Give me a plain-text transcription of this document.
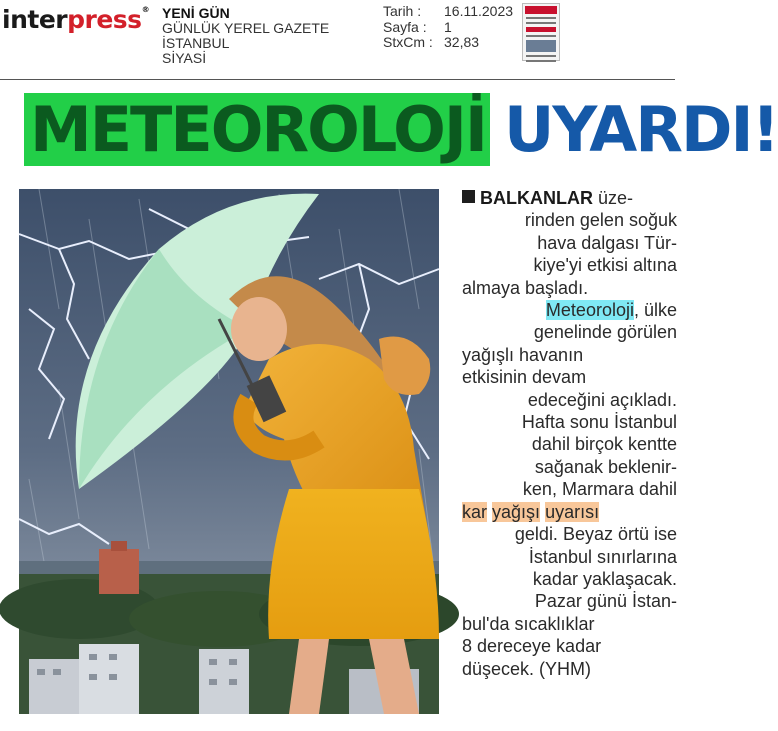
interpress® YENİ GÜN
GÜNLÜK YEREL GAZETE
İSTANBUL
SİYASİ
Tarih :	16.11.2023
Sayfa :	1
StxCm : 32,83
METEOROLOJİ UYARDI!
BALKANLAR üze-
rinden gelen soğuk
hava dalgası Tür-
kiye'yi etkisi altına
almaya başladı.
Meteoroloji, ülke
genelinde görülen
yağışlı havanın
etkisinin devam
edeceğini açıkladı.
Hafta sonu İstanbul
dahil birçok kentte
sağanak beklenir-
ken, Marmara dahil
kar yağışı uyarısı
geldi. Beyaz örtü ise
İstanbul sınırlarına
kadar yaklaşacak.
Pazar günü İstan-
bul'da sıcaklıklar
8 dereceye kadar
düşecek. (YHM)
